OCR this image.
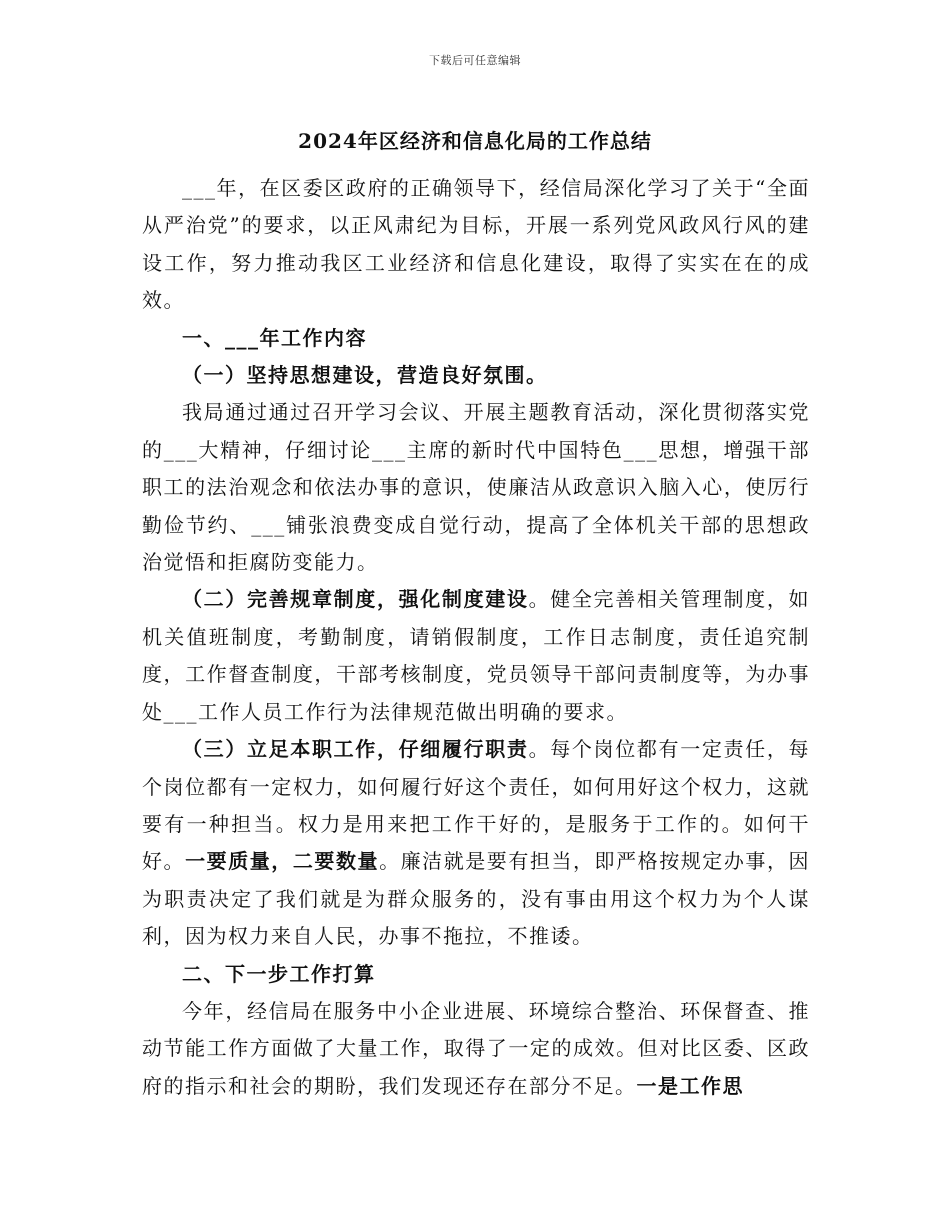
下载后可任意编辑
2024年区经济和信息化局的工作总结

___年，在区委区政府的正确领导下，经信局深化学习了关于“全面从严治党”的要求，以正风肃纪为目标，开展一系列党风政风行风的建设工作，努力推动我区工业经济和信息化建设，取得了实实在在的成效。

一、___年工作内容

（一）坚持思想建设，营造良好氛围。

我局通过通过召开学习会议、开展主题教育活动，深化贯彻落实党的___大精神，仔细讨论___主席的新时代中国特色___思想，增强干部职工的法治观念和依法办事的意识，使廉洁从政意识入脑入心，使厉行勤俭节约、___铺张浪费变成自觉行动，提高了全体机关干部的思想政治觉悟和拒腐防变能力。

（二）完善规章制度，强化制度建设。健全完善相关管理制度，如机关值班制度，考勤制度，请销假制度，工作日志制度，责任追究制度，工作督查制度，干部考核制度，党员领导干部问责制度等，为办事处___工作人员工作行为法律规范做出明确的要求。

（三）立足本职工作，仔细履行职责。每个岗位都有一定责任，每个岗位都有一定权力，如何履行好这个责任，如何用好这个权力，这就要有一种担当。权力是用来把工作干好的，是服务于工作的。如何干好。一要质量，二要数量。廉洁就是要有担当，即严格按规定办事，因为职责决定了我们就是为群众服务的，没有事由用这个权力为个人谋利，因为权力来自人民，办事不拖拉，不推诿。

二、下一步工作打算

今年，经信局在服务中小企业进展、环境综合整治、环保督查、推动节能工作方面做了大量工作，取得了一定的成效。但对比区委、区政府的指示和社会的期盼，我们发现还存在部分不足。一是工作思
